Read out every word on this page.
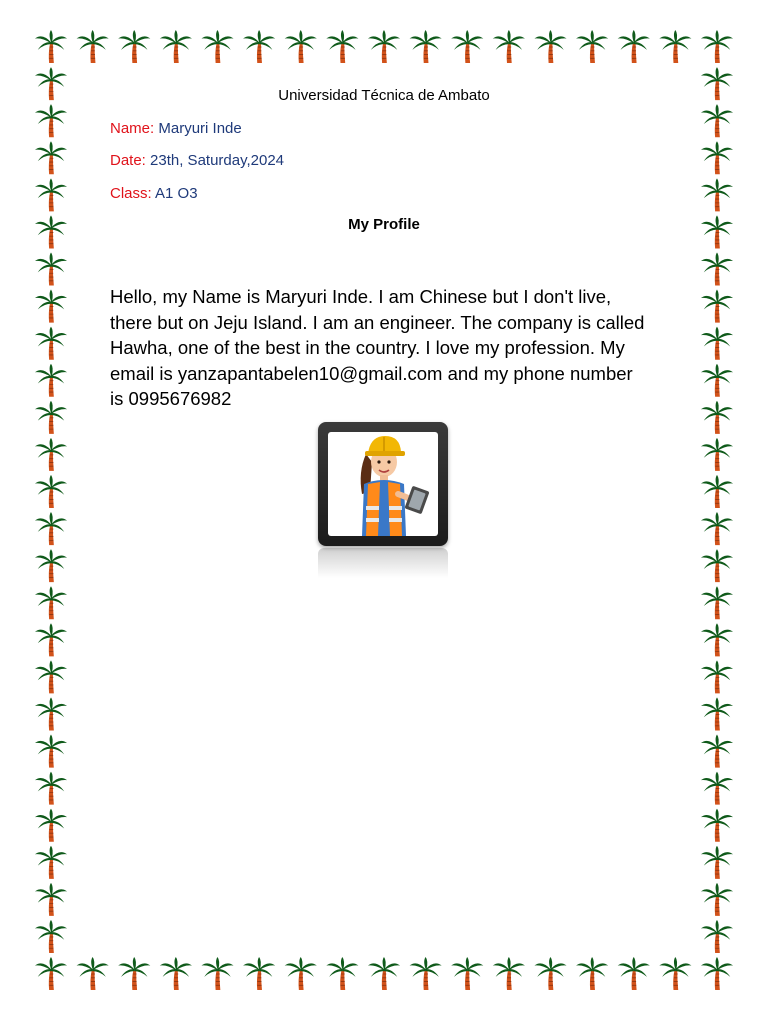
Universidad Técnica de Ambato
Name: Maryuri Inde
Date: 23th, Saturday,2024
Class: A1 O3
My Profile
Hello, my Name is Maryuri Inde. I am Chinese but I don't live,
there but on Jeju Island. I am an engineer. The company is called
Hawha, one of the best in the country. I love my profession. My
email is yanzapantabelen10@gmail.com and my phone number
is 0995676982
